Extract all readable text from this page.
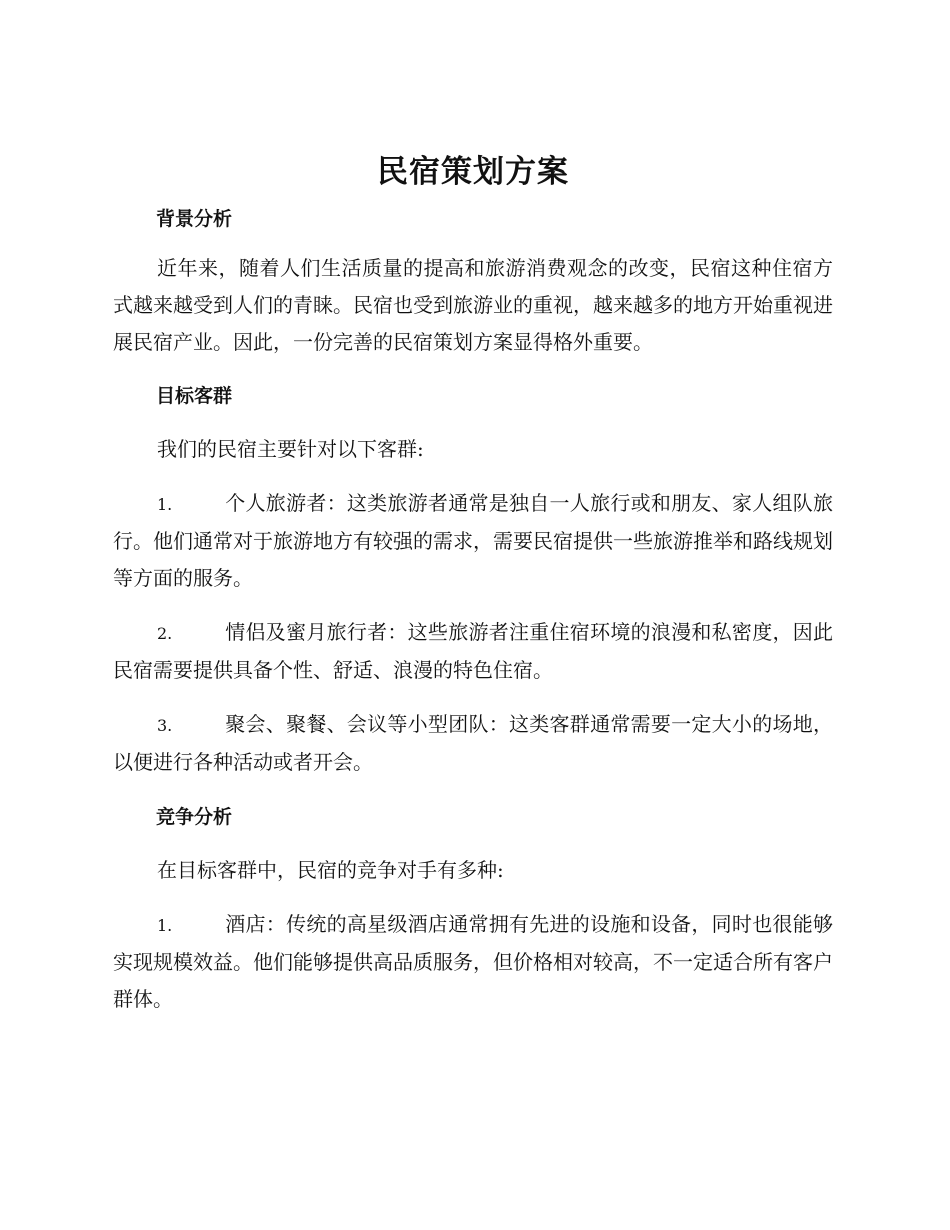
民宿策划方案
背景分析

近年来，随着人们生活质量的提高和旅游消费观念的改变，民宿这种住宿方式越来越受到人们的青睐。民宿也受到旅游业的重视，越来越多的地方开始重视进展民宿产业。因此，一份完善的民宿策划方案显得格外重要。

目标客群

我们的民宿主要针对以下客群:

1.	个人旅游者：这类旅游者通常是独自一人旅行或和朋友、家人组队旅行。他们通常对于旅游地方有较强的需求，需要民宿提供一些旅游推举和路线规划等方面的服务。

2.	情侣及蜜月旅行者：这些旅游者注重住宿环境的浪漫和私密度，因此民宿需要提供具备个性、舒适、浪漫的特色住宿。

3.	聚会、聚餐、会议等小型团队：这类客群通常需要一定大小的场地，以便进行各种活动或者开会。

竞争分析

在目标客群中，民宿的竞争对手有多种:

1.	酒店：传统的高星级酒店通常拥有先进的设施和设备，同时也很能够实现规模效益。他们能够提供高品质服务，但价格相对较高，不一定适合所有客户群体。
